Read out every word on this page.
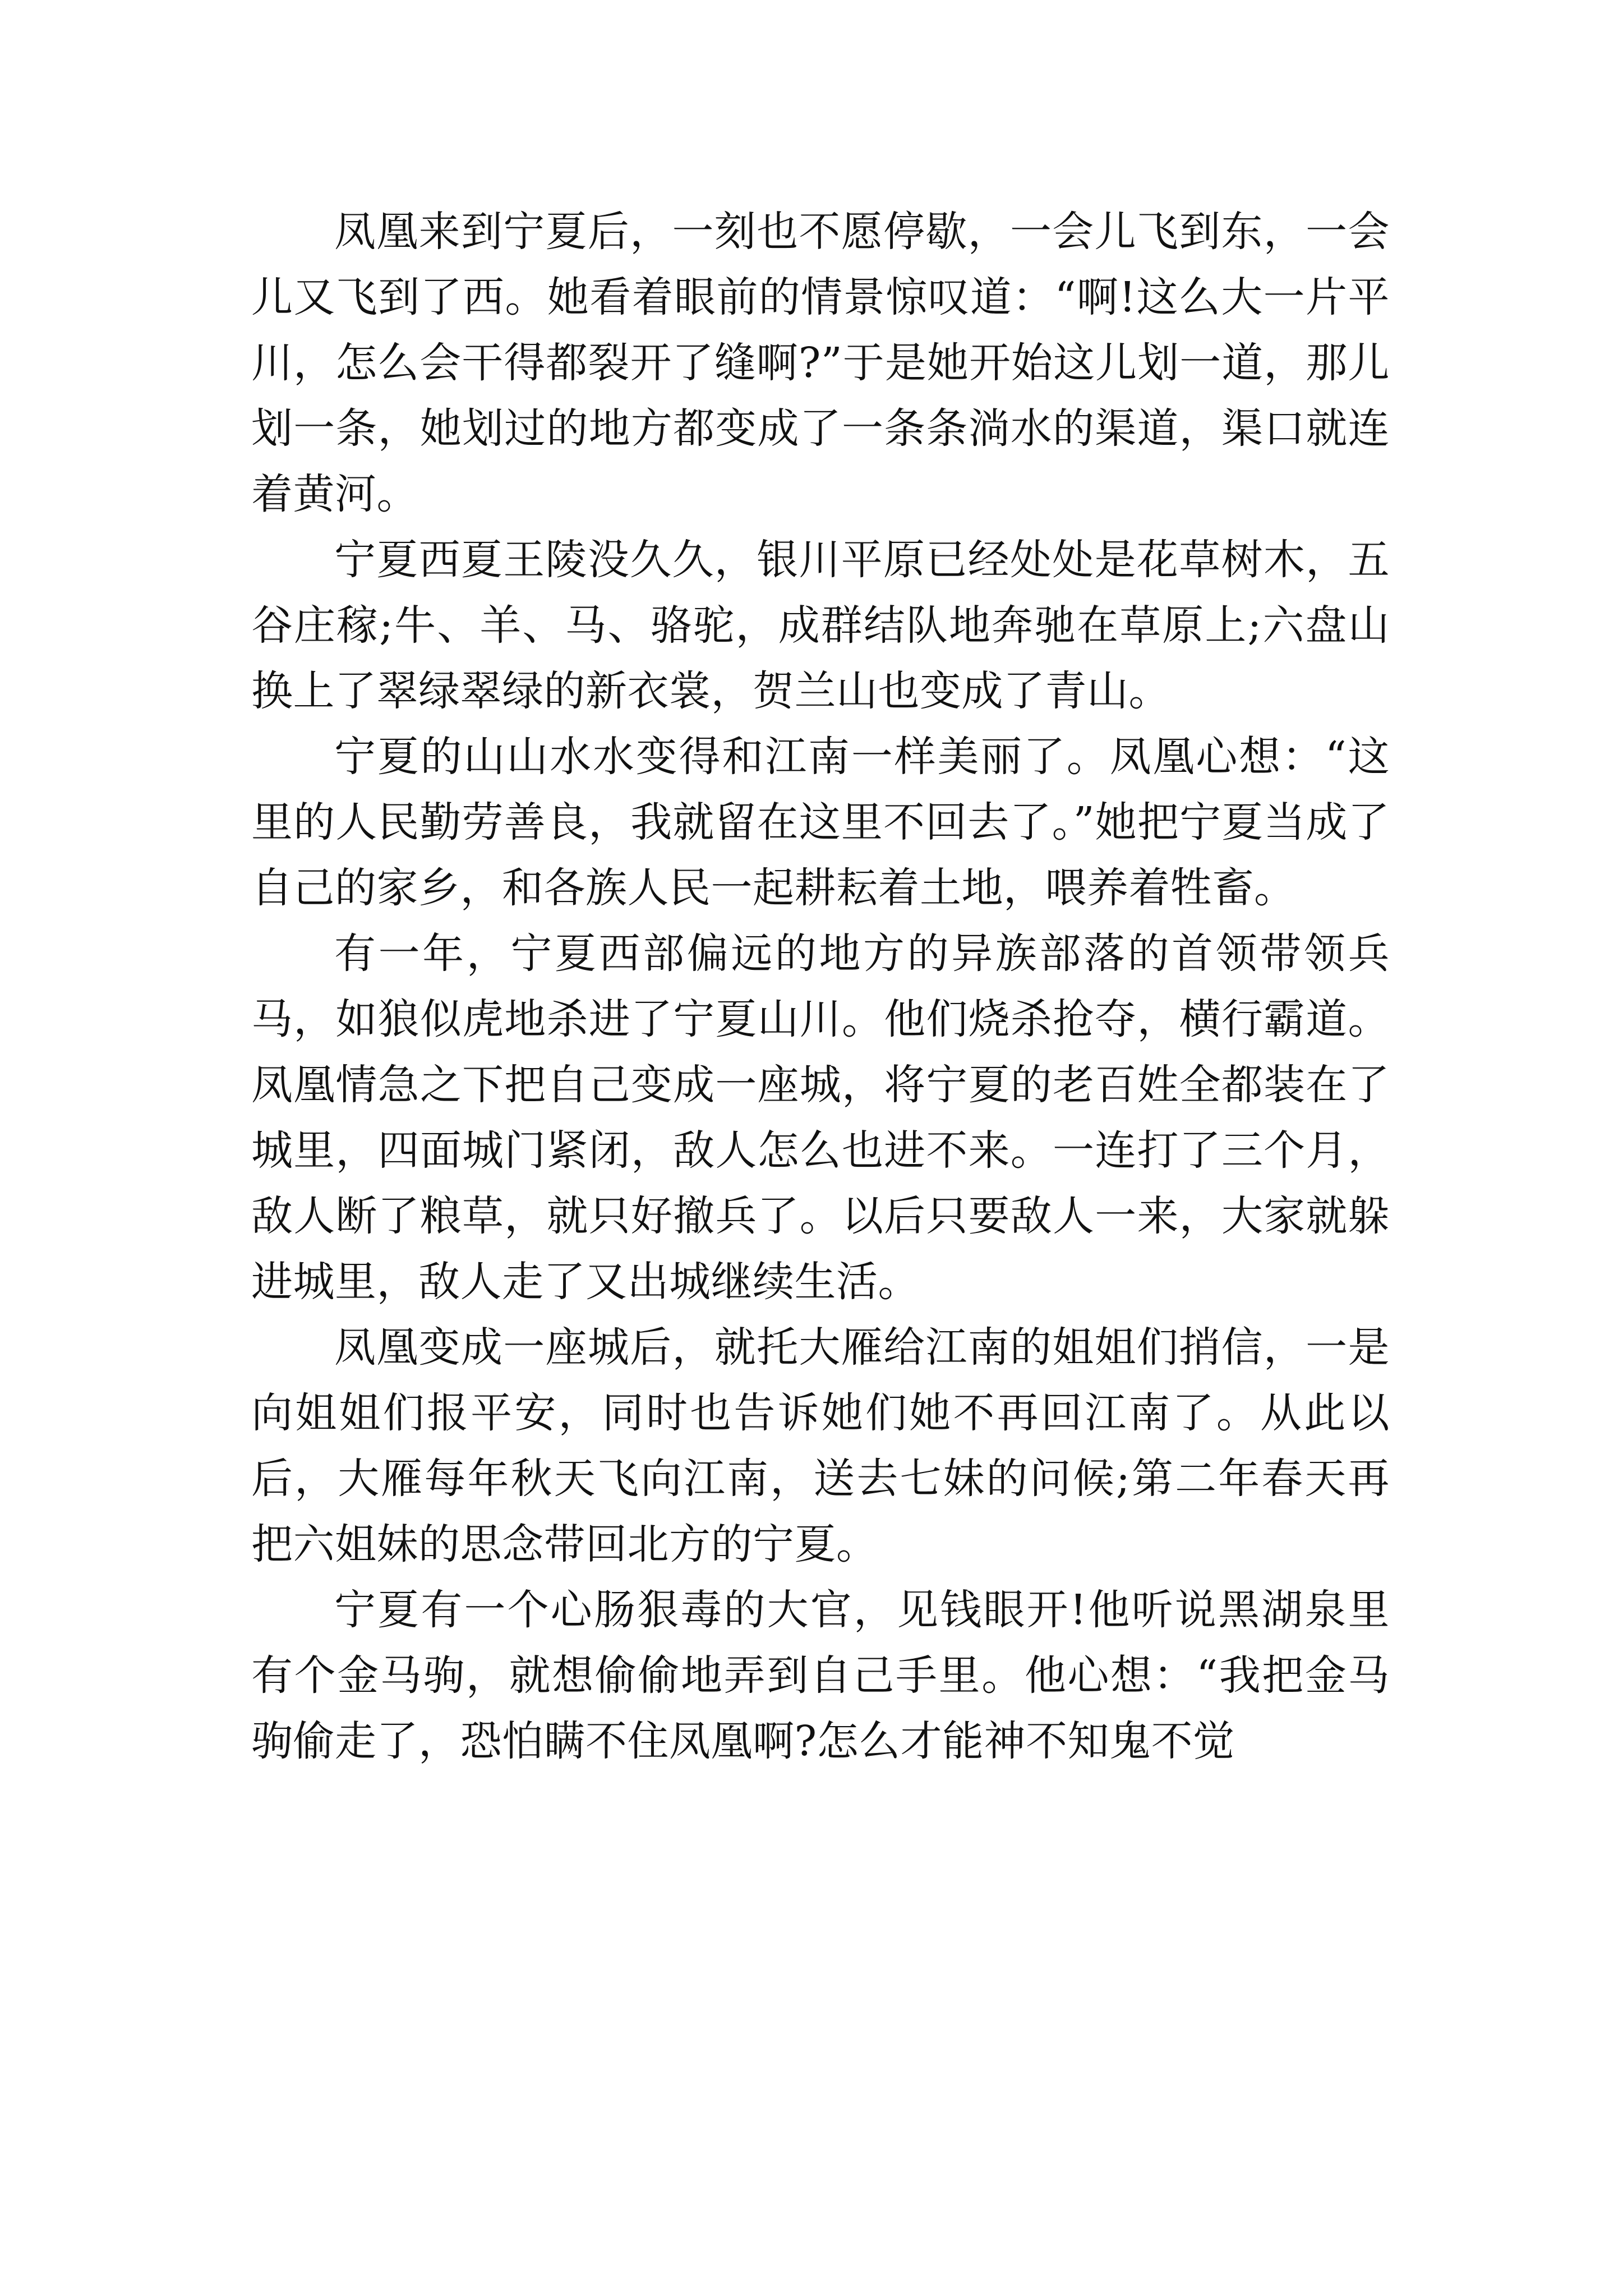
凤凰来到宁夏后，一刻也不愿停歇，一会儿飞到东，一会儿又飞到了西。她看着眼前的情景惊叹道：“啊!这么大一片平川，怎么会干得都裂开了缝啊?”于是她开始这儿划一道，那儿划一条，她划过的地方都变成了一条条淌水的渠道，渠口就连着黄河。

宁夏西夏王陵没久久，银川平原已经处处是花草树木，五谷庄稼;牛、羊、马、骆驼，成群结队地奔驰在草原上;六盘山换上了翠绿翠绿的新衣裳，贺兰山也变成了青山。

宁夏的山山水水变得和江南一样美丽了。凤凰心想：“这里的人民勤劳善良，我就留在这里不回去了。”她把宁夏当成了自己的家乡，和各族人民一起耕耘着土地，喂养着牲畜。

有一年，宁夏西部偏远的地方的异族部落的首领带领兵马，如狼似虎地杀进了宁夏山川。他们烧杀抢夺，横行霸道。凤凰情急之下把自己变成一座城，将宁夏的老百姓全都装在了城里，四面城门紧闭，敌人怎么也进不来。一连打了三个月，敌人断了粮草，就只好撤兵了。以后只要敌人一来，大家就躲进城里，敌人走了又出城继续生活。

凤凰变成一座城后，就托大雁给江南的姐姐们捎信，一是向姐姐们报平安，同时也告诉她们她不再回江南了。从此以后，大雁每年秋天飞向江南，送去七妹的问候;第二年春天再把六姐妹的思念带回北方的宁夏。

宁夏有一个心肠狠毒的大官，见钱眼开!他听说黑湖泉里有个金马驹，就想偷偷地弄到自己手里。他心想：“我把金马驹偷走了，恐怕瞒不住凤凰啊?怎么才能神不知鬼不觉
